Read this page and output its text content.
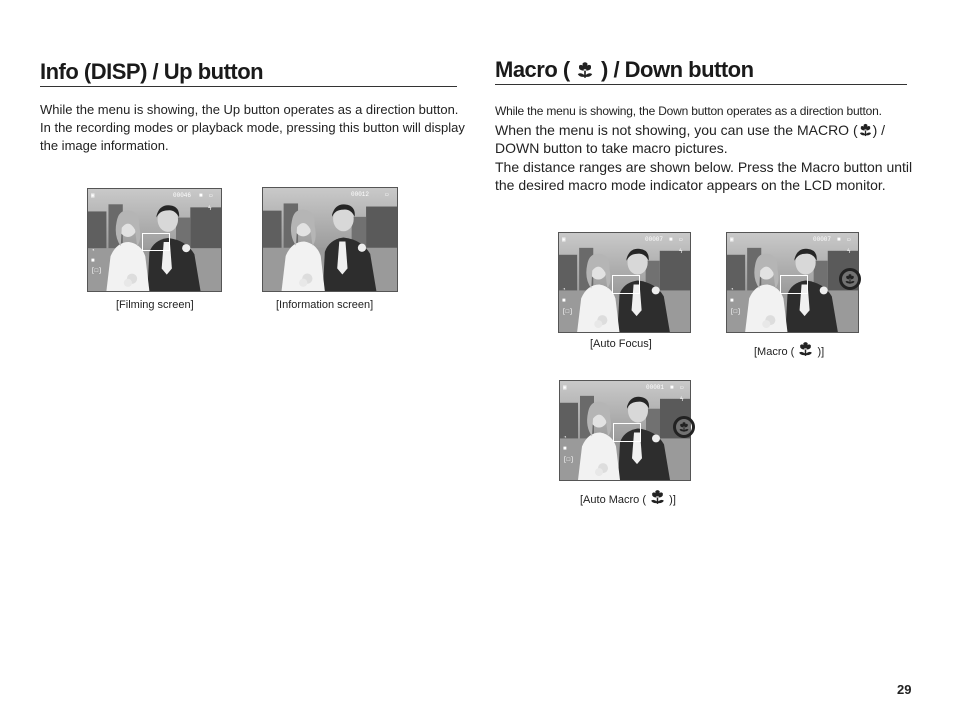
Info (DISP) / Up button

While the menu is showing, the Up button operates as a direction button. In the recording modes or playback mode, pressing this button will display the image information.

Macro ( ) / Down button

While the menu is showing, the Down button operates as a direction button.

When the menu is not showing, you can use the MACRO ( ) / DOWN button to take macro pictures.

The distance ranges are shown below. Press the Macro button until the desired macro mode indicator appears on the LCD monitor.

▣	00046 ■ ▭
ϟ
◔
■
[□]
[Filming screen]
00012	▭
[Information screen]
▣	00007 ■ ▭
ϟ
◔
■
[□]
[Auto Focus]
▣	00007 ■ ▭
ϟ
◔
■
[□]
[Macro ( )]
▣	00001 ■ ▭
ϟ
◔
■
[□]
[Auto Macro ( )]
29
